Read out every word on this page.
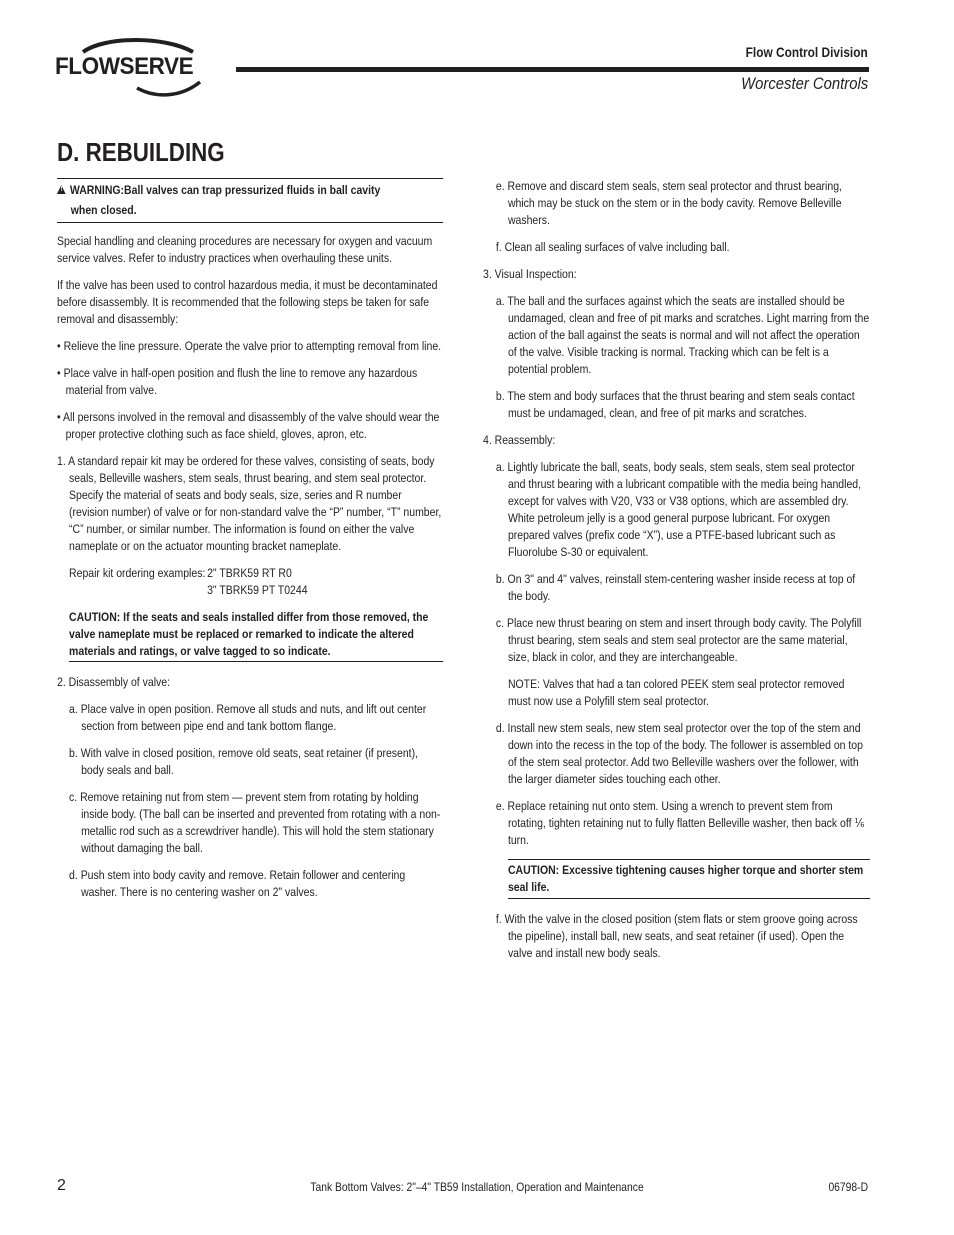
FLOWSERVE
Flow Control Division
Worcester Controls
D. REBUILDING
!WARNING:Ball valves can trap pressurized fluids in ball cavity
when closed.
Special handling and cleaning procedures are necessary for oxygen and vacuum service valves. Refer to industry practices when overhauling these units.
If the valve has been used to control hazardous media, it must be decontaminated before disassembly. It is recommended that the following steps be taken for safe removal and disassembly:
• Relieve the line pressure. Operate the valve prior to attempting removal from line.
• Place valve in half-open position and flush the line to remove any hazardous material from valve.
• All persons involved in the removal and disassembly of the valve should wear the proper protective clothing such as face shield, gloves, apron, etc.
1. A standard repair kit may be ordered for these valves, consisting of seats, body seals, Belleville washers, stem seals, thrust bearing, and stem seal protector. Specify the material of seats and body seals, size, series and R number (revision number) of valve or for non-standard valve the “P” number, “T” number, “C” number, or similar number. The information is found on either the valve nameplate or on the actuator mounting bracket nameplate.
Repair kit ordering examples: 2" TBRK59 RT R0
3" TBRK59 PT T0244
CAUTION: If the seats and seals installed differ from those removed, the valve nameplate must be replaced or remarked to indicate the altered materials and ratings, or valve tagged to so indicate.
2. Disassembly of valve:
a. Place valve in open position. Remove all studs and nuts, and lift out center section from between pipe end and tank bottom flange.
b. With valve in closed position, remove old seats, seat retainer (if present), body seals and ball.
c. Remove retaining nut from stem — prevent stem from rotating by holding inside body. (The ball can be inserted and prevented from rotating with a non-metallic rod such as a screwdriver handle). This will hold the stem stationary without damaging the ball.
d. Push stem into body cavity and remove. Retain follower and centering washer. There is no centering washer on 2" valves.
e. Remove and discard stem seals, stem seal protector and thrust bearing, which may be stuck on the stem or in the body cavity. Remove Belleville washers.
f. Clean all sealing surfaces of valve including ball.
3. Visual Inspection:
a. The ball and the surfaces against which the seats are installed should be undamaged, clean and free of pit marks and scratches. Light marring from the action of the ball against the seats is normal and will not affect the operation of the valve. Visible tracking is normal. Tracking which can be felt is a potential problem.
b. The stem and body surfaces that the thrust bearing and stem seals contact must be undamaged, clean, and free of pit marks and scratches.
4. Reassembly:
a. Lightly lubricate the ball, seats, body seals, stem seals, stem seal protector and thrust bearing with a lubricant compatible with the media being handled, except for valves with V20, V33 or V38 options, which are assembled dry. White petroleum jelly is a good general purpose lubricant. For oxygen prepared valves (prefix code “X”), use a PTFE-based lubricant such as Fluorolube S-30 or equivalent.
b. On 3" and 4" valves, reinstall stem-centering washer inside recess at top of the body.
c. Place new thrust bearing on stem and insert through body cavity. The Polyfill thrust bearing, stem seals and stem seal protector are the same material, size, black in color, and they are interchangeable.
NOTE: Valves that had a tan colored PEEK stem seal protector removed must now use a Polyfill stem seal protector.
d. Install new stem seals, new stem seal protector over the top of the stem and down into the recess in the top of the body. The follower is assembled on top of the stem seal protector. Add two Belleville washers over the follower, with the larger diameter sides touching each other.
e. Replace retaining nut onto stem. Using a wrench to prevent stem from rotating, tighten retaining nut to fully flatten Belleville washer, then back off ⅙ turn.
CAUTION: Excessive tightening causes higher torque and shorter stem seal life.
f. With the valve in the closed position (stem flats or stem groove going across the pipeline), install ball, new seats, and seat retainer (if used). Open the valve and install new body seals.
2	Tank Bottom Valves: 2"–4" TB59 Installation, Operation and Maintenance	06798-D
